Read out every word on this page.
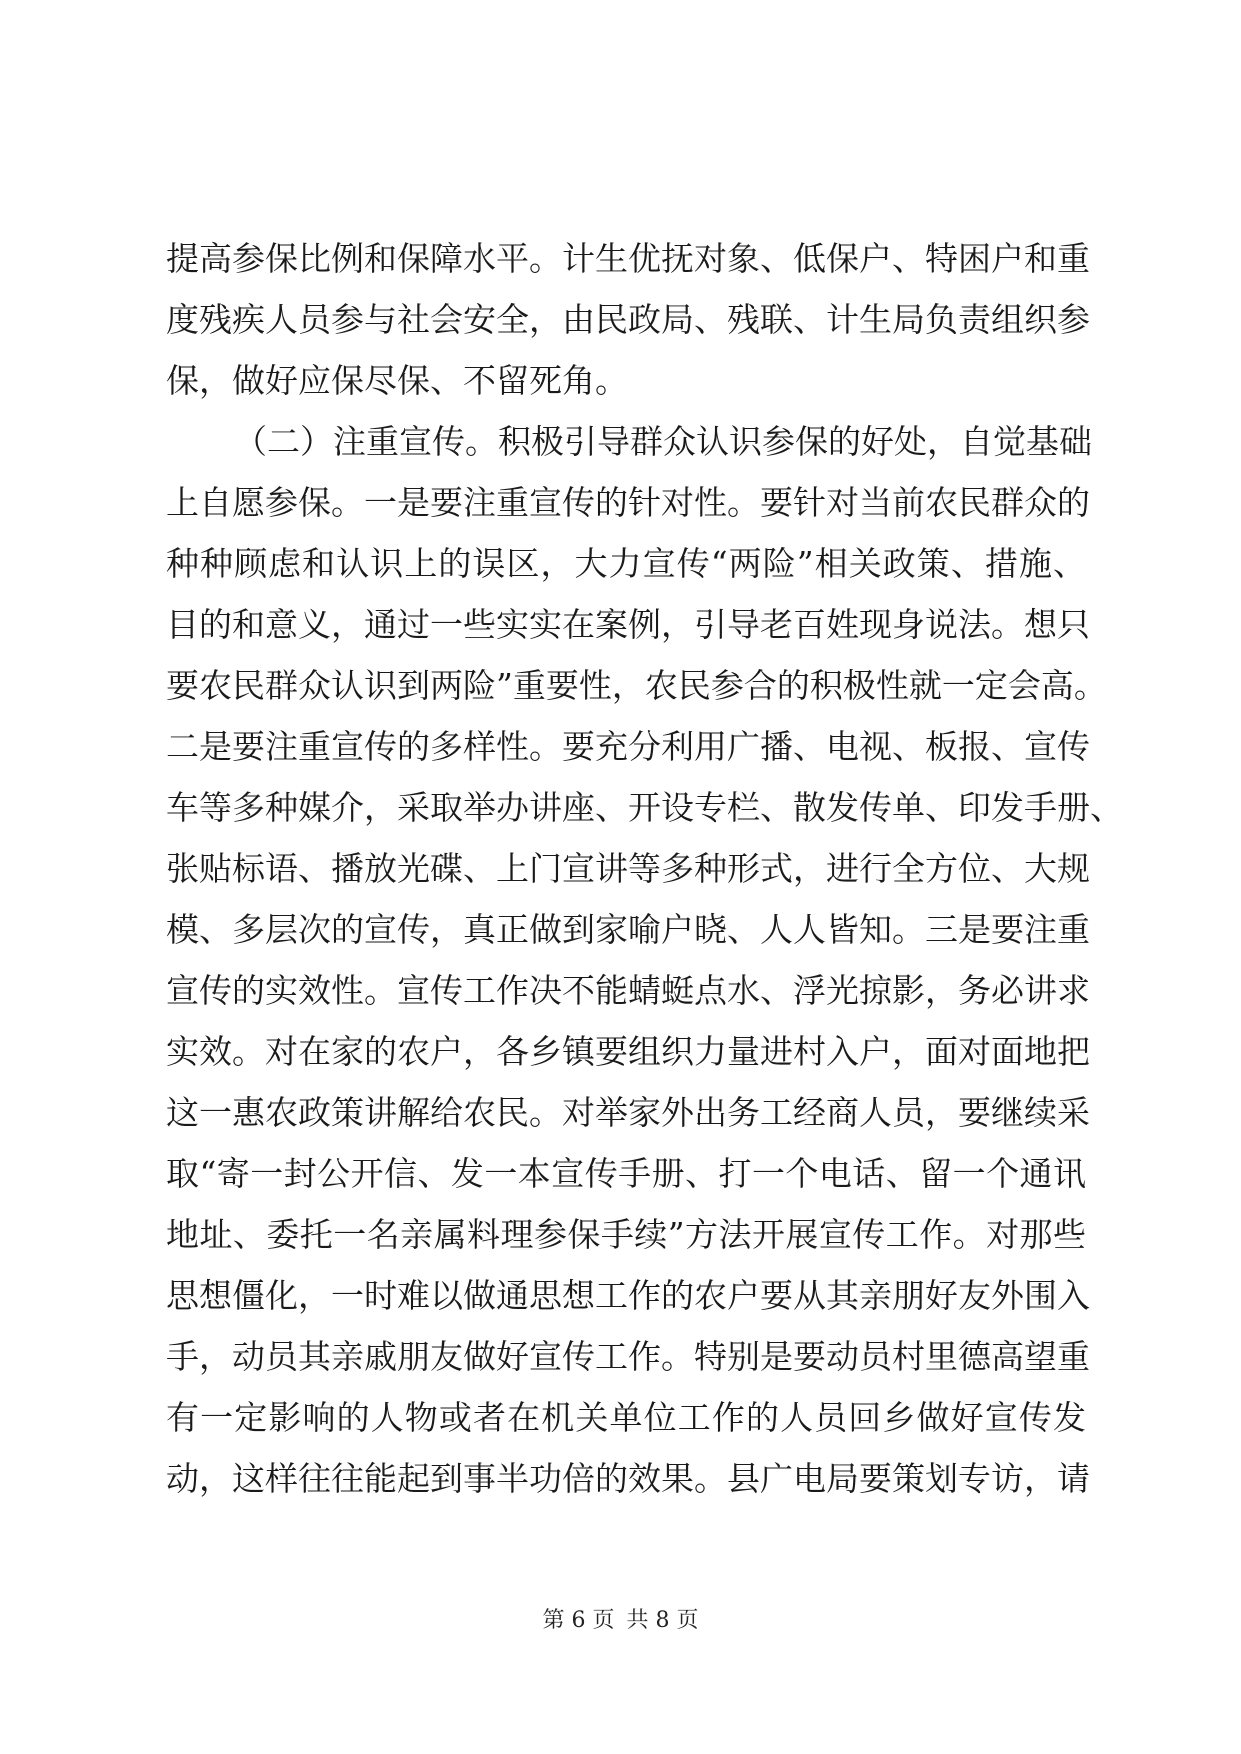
提高参保比例和保障水平。计生优抚对象、低保户、特困户和重
度残疾人员参与社会安全，由民政局、残联、计生局负责组织参
保，做好应保尽保、不留死角。
（二）注重宣传。积极引导群众认识参保的好处，自觉基础
上自愿参保。一是要注重宣传的针对性。要针对当前农民群众的
种种顾虑和认识上的误区，大力宣传“两险”相关政策、措施、
目的和意义，通过一些实实在案例，引导老百姓现身说法。想只
要农民群众认识到两险”重要性，农民参合的积极性就一定会高。
二是要注重宣传的多样性。要充分利用广播、电视、板报、宣传
车等多种媒介，采取举办讲座、开设专栏、散发传单、印发手册、
张贴标语、播放光碟、上门宣讲等多种形式，进行全方位、大规
模、多层次的宣传，真正做到家喻户晓、人人皆知。三是要注重
宣传的实效性。宣传工作决不能蜻蜓点水、浮光掠影，务必讲求
实效。对在家的农户，各乡镇要组织力量进村入户，面对面地把
这一惠农政策讲解给农民。对举家外出务工经商人员，要继续采
取“寄一封公开信、发一本宣传手册、打一个电话、留一个通讯
地址、委托一名亲属料理参保手续”方法开展宣传工作。对那些
思想僵化，一时难以做通思想工作的农户要从其亲朋好友外围入
手，动员其亲戚朋友做好宣传工作。特别是要动员村里德高望重
有一定影响的人物或者在机关单位工作的人员回乡做好宣传发
动，这样往往能起到事半功倍的效果。县广电局要策划专访，请
第 6 页 共 8 页
